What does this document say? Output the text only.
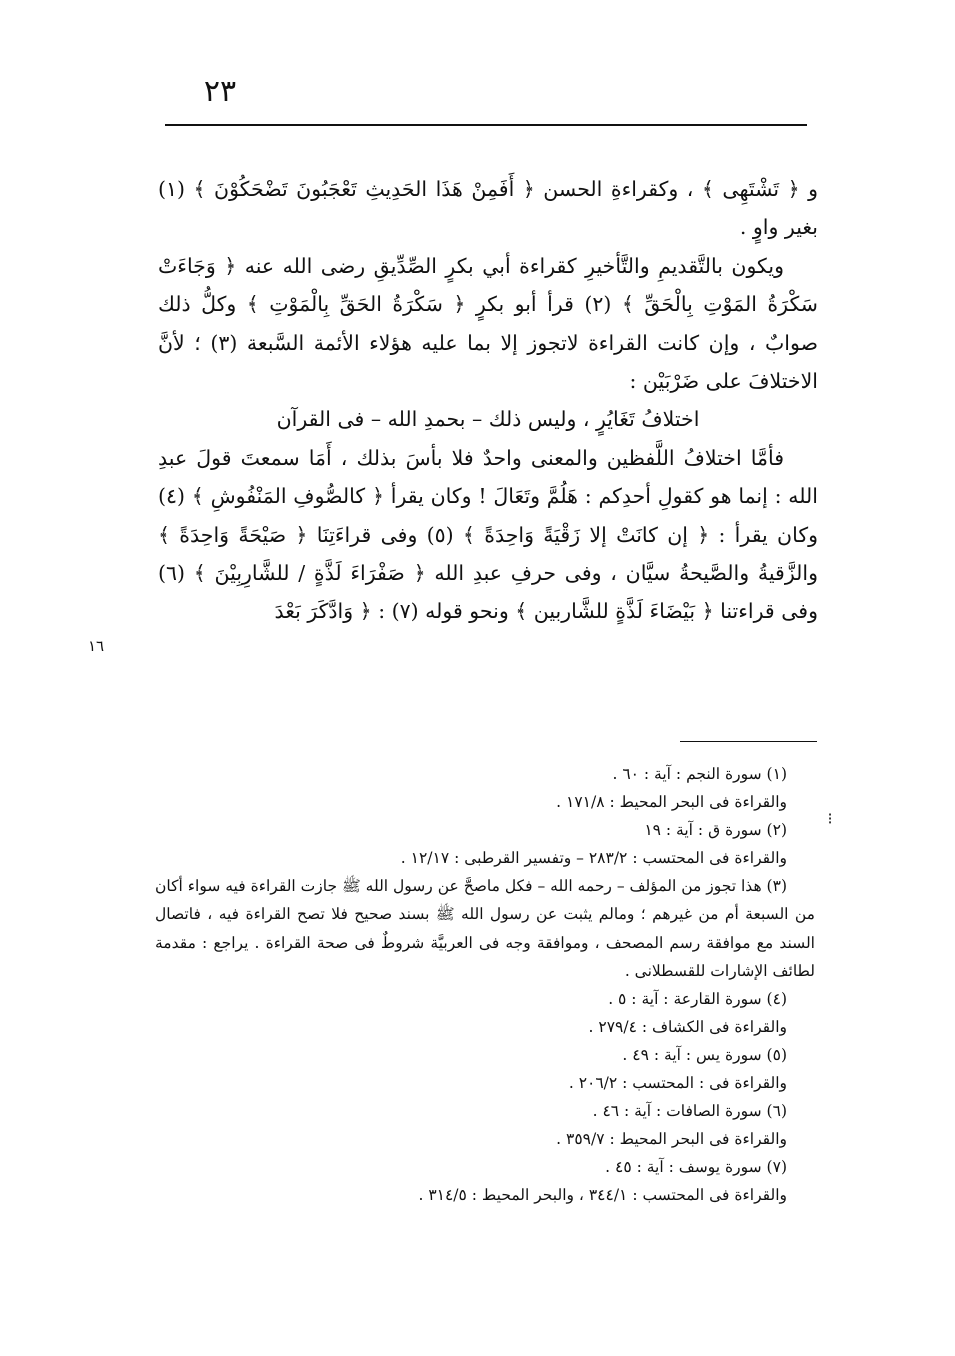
٢٣

و ﴿ تَشْتَهِى ﴾ ، وكقراءةِ الحسن ﴿ أَفَمِنْ هَذَا الحَدِيثِ تَعْجَبُونَ تَضْحَكُوْنَ ﴾ (١) بغير واوٍ .

ويكون بالتَّقديمِ والتَّأخيرِ كقراءة أبي بكرٍ الصِّدِّيقِ رضى الله عنه ﴿ وَجَاءَتْ سَكْرَةُ المَوْتِ بِالْحَقِّ ﴾ (٢) قرأ أبو بكرٍ ﴿ سَكْرَةُ الحَقِّ بِالْمَوْتِ ﴾ وكلُّ ذلك صوابٌ ، وإن كانت القراءة لاتجوز إلا بما عليه هؤلاء الأئمة السَّبعة (٣) ؛ لأنَّ الاختلافَ على ضَرْبَيْن :

اختلافُ تَغَايُرٍ ، وليس ذلك – بحمدِ الله – فى القرآن

فأمَّا اختلافُ اللَّفظين والمعنى واحدٌ فلا بأسَ بذلك ، أَمَا سمعتَ قولَ عبدِ الله : إنما هو كقولِ أحدِكم : هَلُمَّ وتَعَالَ ! وكان يقرأ ﴿ كالصُّوفِ المَنْفُوشِ ﴾ (٤) وكان يقرأ : ﴿ إن كانَتْ إلا زَقْيَةً وَاحِدَةً ﴾ (٥) وفى قراءَتِنَا ﴿ صَيْحَةً وَاحِدَةً ﴾ والزَّقيةُ والصَّيحةُ سيَّان ، وفى حرفِ عبدِ الله ﴿ صَفْرَاءَ لَذَّةٍ / للشَّارِبِيْنَ ﴾ (٦) وفى قراءتنا ﴿ بَيْضَاءَ لَذَّةٍ للشَّاربين ﴾ ونحو قوله (٧) : ﴿ وَادَّكَرَ بَعْدَ

١٦
⁝

(١) سورة النجم : آية : ٦٠ .

والقراءة فى البحر المحيط : ١٧١/٨ .

(٢) سورة ق : آية : ١٩

والقراءة فى المحتسب : ٢٨٣/٢ – وتفسير القرطبى : ١٢/١٧ .

(٣) هذا تجوز من المؤلف – رحمه الله – فكل ماصحَّ عن رسول الله ﷺ جازت القراءة فيه سواء أكان من السبعة أم من غيرهم ؛ ومالم يثبت عن رسول الله ﷺ بسند صحيح فلا تصح القراءة فيه ، فاتصال السند مع موافقة رسم المصحف ، وموافقة وجه فى العربيَّة شروطٌ فى صحة القراءة . يراجع : مقدمة لطائف الإشارات للقسطلانى .

(٤) سورة القارعة : آية : ٥ .

والقراءة فى الكشاف : ٢٧٩/٤ .

(٥) سورة يس : آية : ٤٩ .

والقراءة فى : المحتسب : ٢٠٦/٢ .

(٦) سورة الصافات : آية : ٤٦ .

والقراءة فى البحر المحيط : ٣٥٩/٧ .

(٧) سورة يوسف : آية : ٤٥ .

والقراءة فى المحتسب : ٣٤٤/١ ، والبحر المحيط : ٣١٤/٥ .
